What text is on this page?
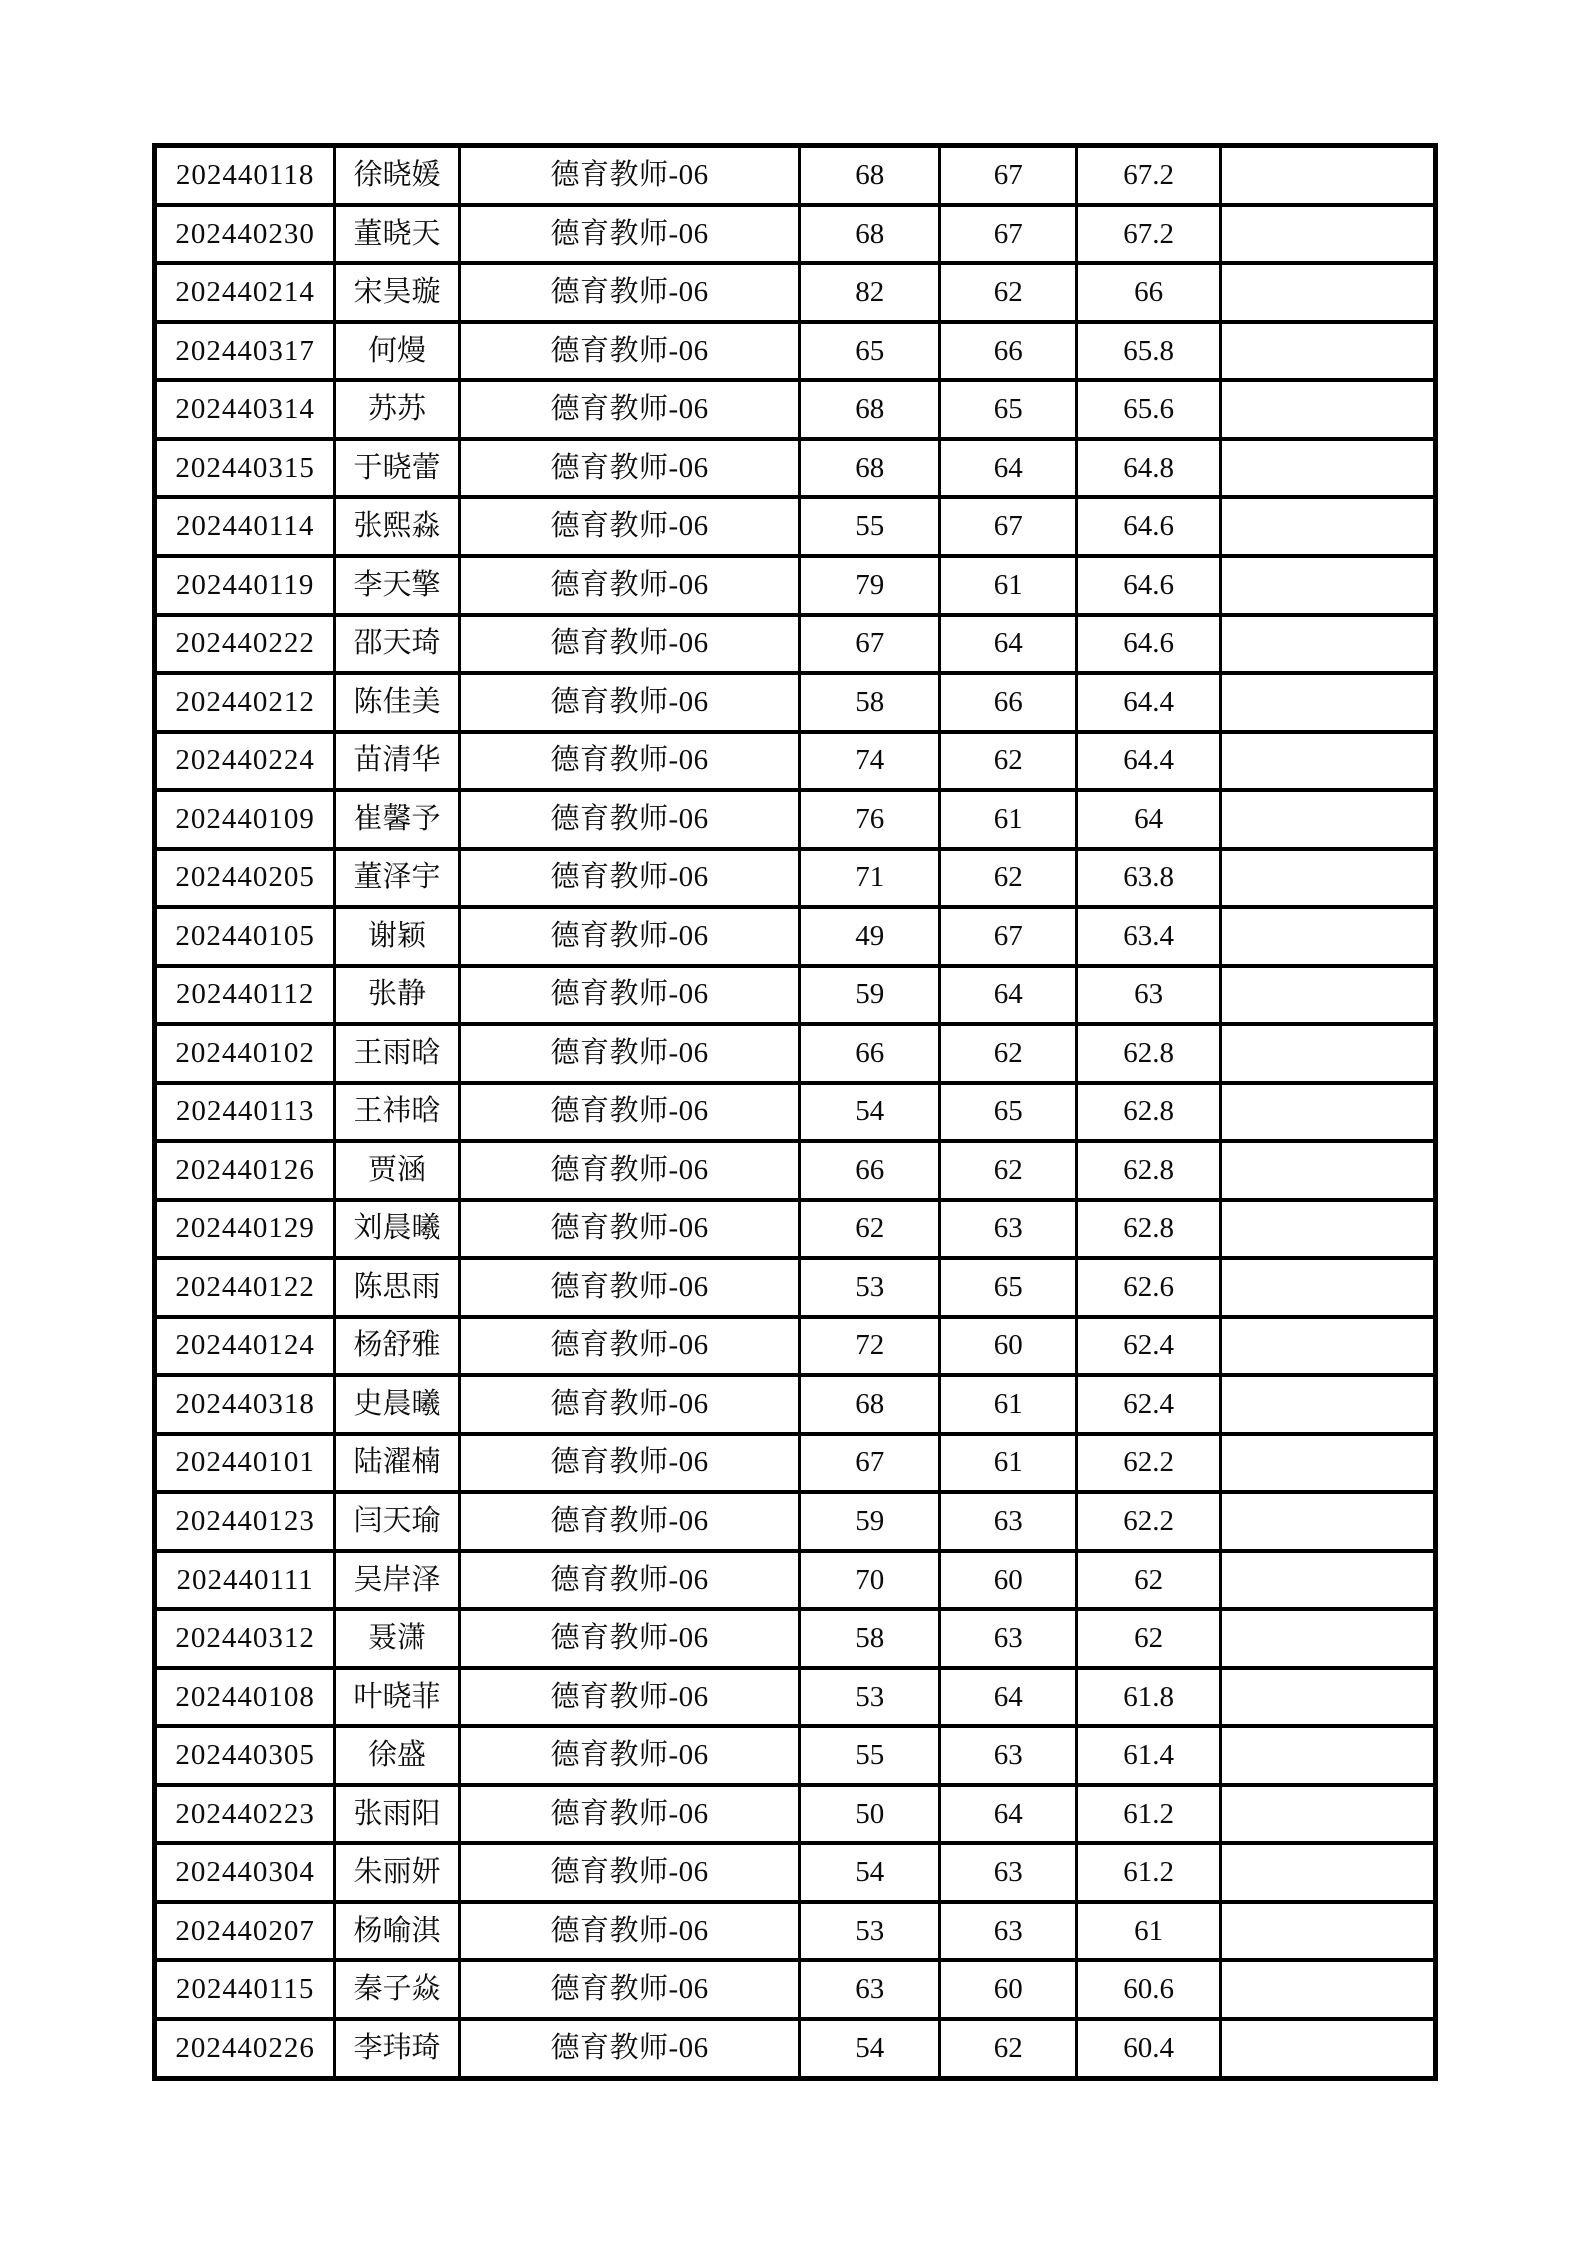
202440118	徐晓媛	德育教师-06	68	67	67.2	
202440230	董晓天	德育教师-06	68	67	67.2	
202440214	宋昊璇	德育教师-06	82	62	66	
202440317	何熳	德育教师-06	65	66	65.8	
202440314	苏苏	德育教师-06	68	65	65.6	
202440315	于晓蕾	德育教师-06	68	64	64.8	
202440114	张熙淼	德育教师-06	55	67	64.6	
202440119	李天擎	德育教师-06	79	61	64.6	
202440222	邵天琦	德育教师-06	67	64	64.6	
202440212	陈佳美	德育教师-06	58	66	64.4	
202440224	苗清华	德育教师-06	74	62	64.4	
202440109	崔馨予	德育教师-06	76	61	64	
202440205	董泽宇	德育教师-06	71	62	63.8	
202440105	谢颖	德育教师-06	49	67	63.4	
202440112	张静	德育教师-06	59	64	63	
202440102	王雨晗	德育教师-06	66	62	62.8	
202440113	王祎晗	德育教师-06	54	65	62.8	
202440126	贾涵	德育教师-06	66	62	62.8	
202440129	刘晨曦	德育教师-06	62	63	62.8	
202440122	陈思雨	德育教师-06	53	65	62.6	
202440124	杨舒雅	德育教师-06	72	60	62.4	
202440318	史晨曦	德育教师-06	68	61	62.4	
202440101	陆濯楠	德育教师-06	67	61	62.2	
202440123	闫天瑜	德育教师-06	59	63	62.2	
202440111	吴岸泽	德育教师-06	70	60	62	
202440312	聂潇	德育教师-06	58	63	62	
202440108	叶晓菲	德育教师-06	53	64	61.8	
202440305	徐盛	德育教师-06	55	63	61.4	
202440223	张雨阳	德育教师-06	50	64	61.2	
202440304	朱丽妍	德育教师-06	54	63	61.2	
202440207	杨喻淇	德育教师-06	53	63	61	
202440115	秦子焱	德育教师-06	63	60	60.6	
202440226	李玮琦	德育教师-06	54	62	60.4	
